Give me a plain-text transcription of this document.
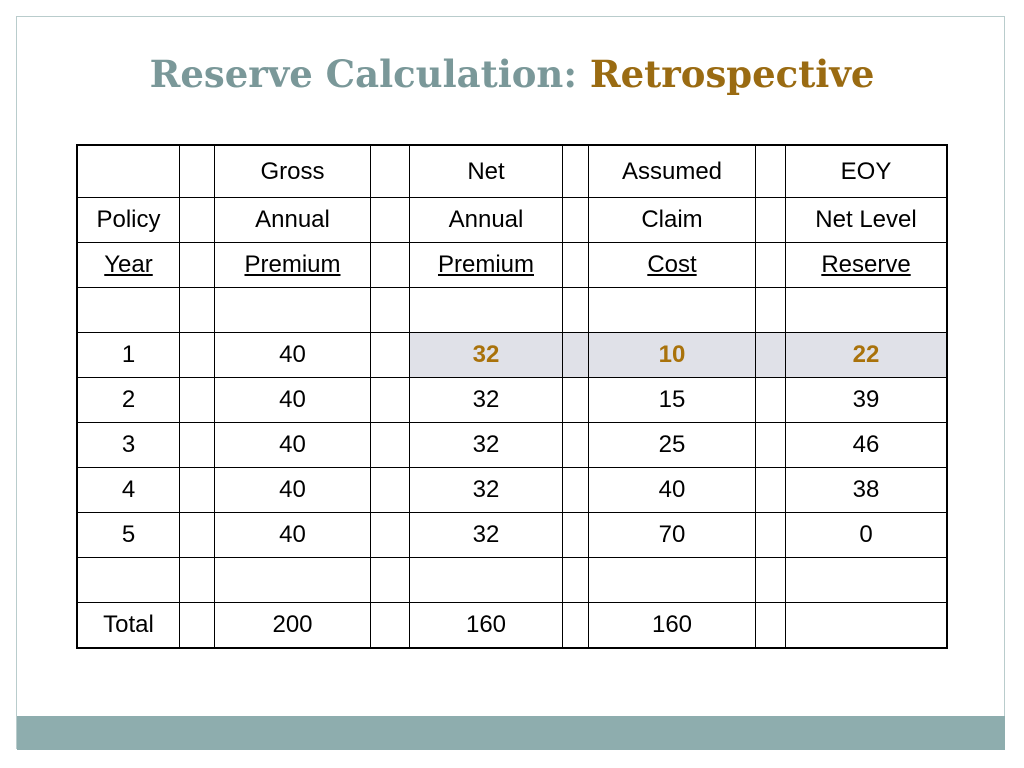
Reserve Calculation: Retrospective
		Gross		Net		Assumed		EOY
Policy		Annual		Annual		Claim		Net Level
Year		Premium		Premium		Cost		Reserve

1		40		32		10		22
2		40		32		15		39
3		40		32		25		46
4		40		32		40		38
5		40		32		70		0

Total		200		160		160		
